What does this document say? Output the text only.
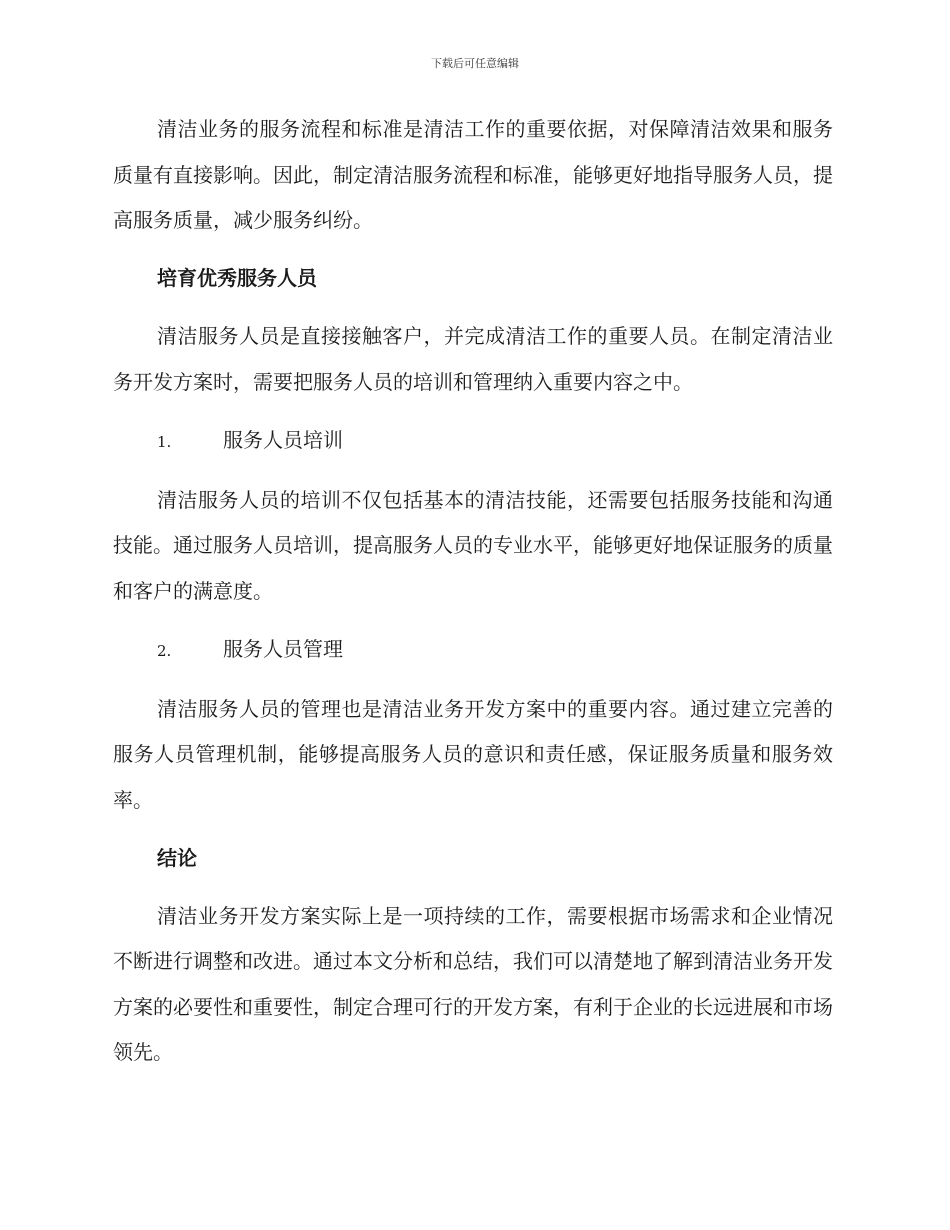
下载后可任意编辑

清洁业务的服务流程和标准是清洁工作的重要依据，对保障清洁效果和服务质量有直接影响。因此，制定清洁服务流程和标准，能够更好地指导服务人员，提高服务质量，减少服务纠纷。

培育优秀服务人员

清洁服务人员是直接接触客户，并完成清洁工作的重要人员。在制定清洁业务开发方案时，需要把服务人员的培训和管理纳入重要内容之中。

1.	服务人员培训

清洁服务人员的培训不仅包括基本的清洁技能，还需要包括服务技能和沟通技能。通过服务人员培训，提高服务人员的专业水平，能够更好地保证服务的质量和客户的满意度。

2.	服务人员管理

清洁服务人员的管理也是清洁业务开发方案中的重要内容。通过建立完善的服务人员管理机制，能够提高服务人员的意识和责任感，保证服务质量和服务效率。

结论

清洁业务开发方案实际上是一项持续的工作，需要根据市场需求和企业情况不断进行调整和改进。通过本文分析和总结，我们可以清楚地了解到清洁业务开发方案的必要性和重要性，制定合理可行的开发方案，有利于企业的长远进展和市场领先。
